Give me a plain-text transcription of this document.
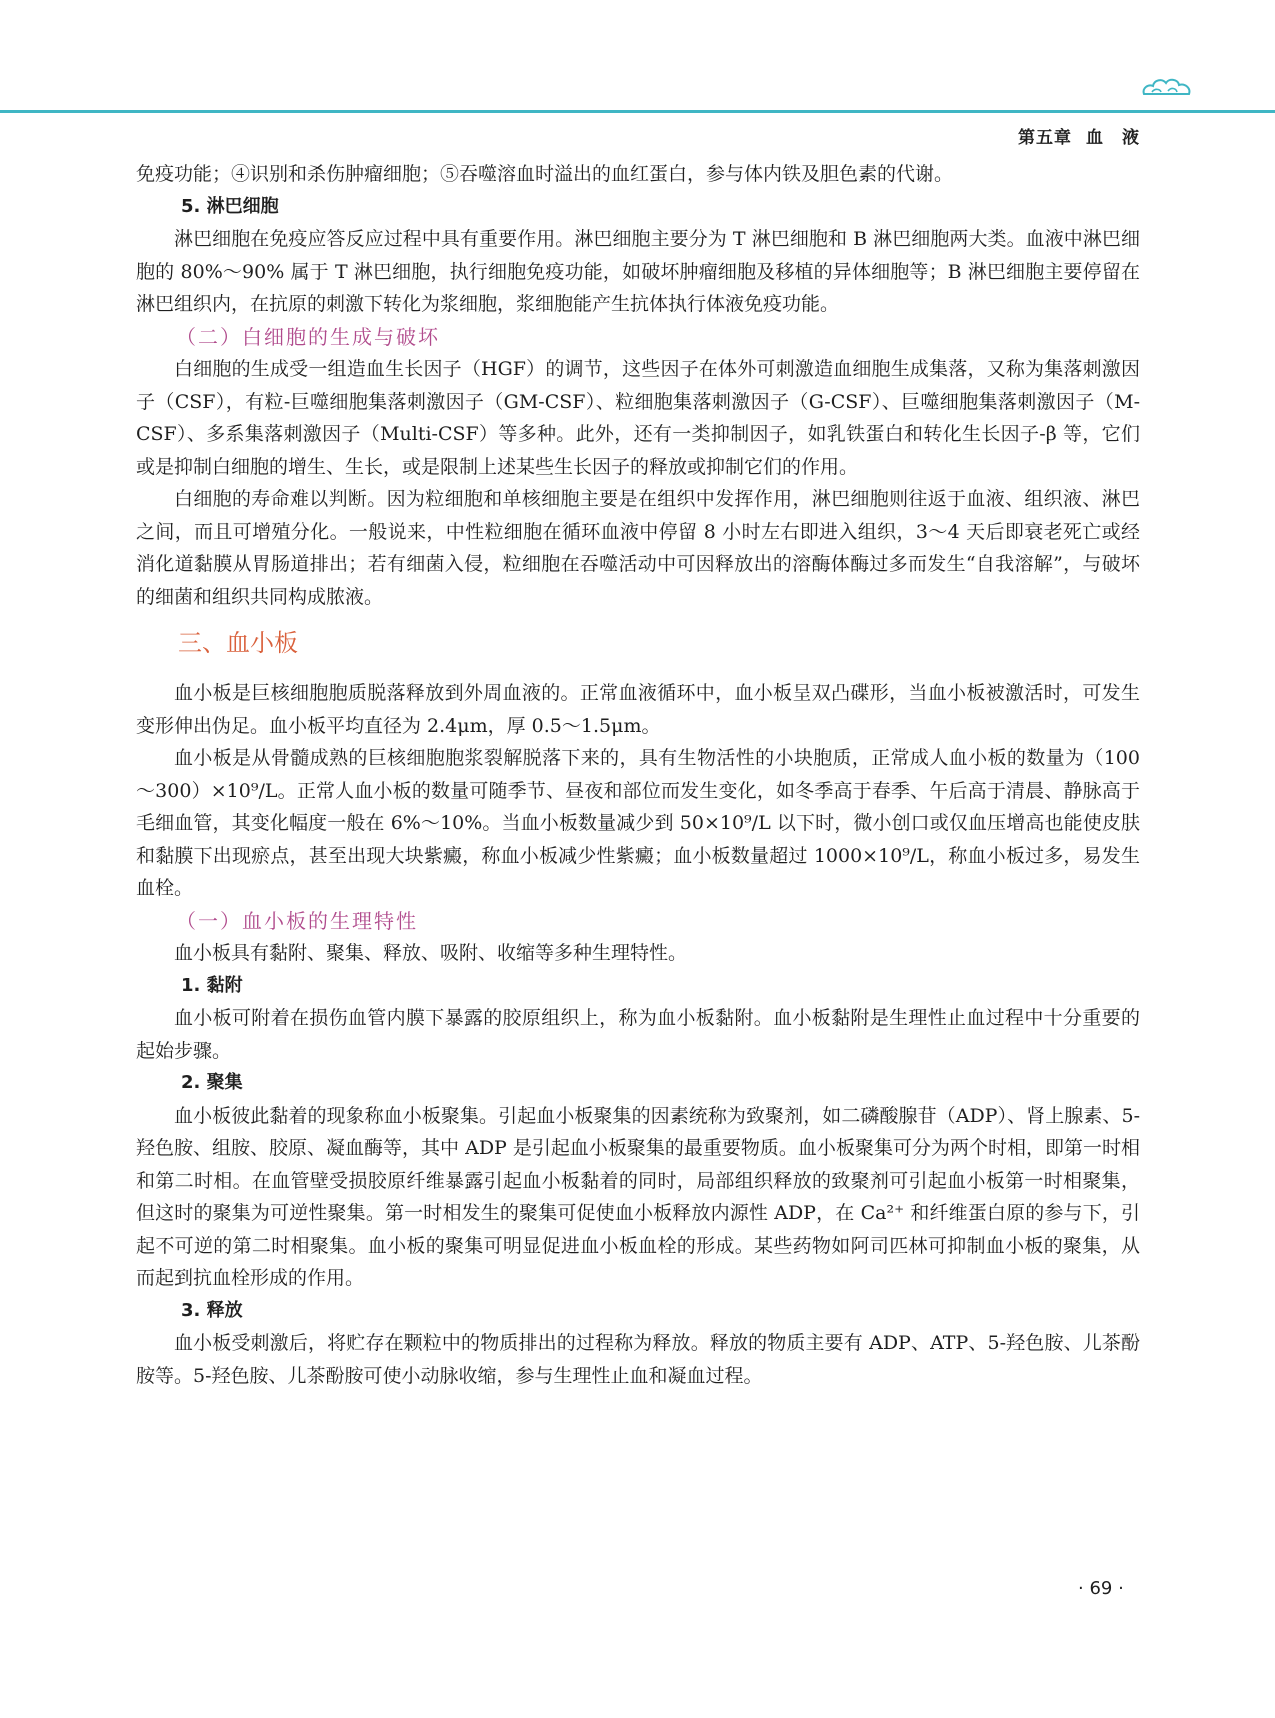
第五章 血　液

免疫功能；④识别和杀伤肿瘤细胞；⑤吞噬溶血时溢出的血红蛋白，参与体内铁及胆色素的代谢。

5. 淋巴细胞

淋巴细胞在免疫应答反应过程中具有重要作用。淋巴细胞主要分为 T 淋巴细胞和 B 淋巴细胞两大类。血液中淋巴细胞的 80%～90% 属于 T 淋巴细胞，执行细胞免疫功能，如破坏肿瘤细胞及移植的异体细胞等；B 淋巴细胞主要停留在淋巴组织内，在抗原的刺激下转化为浆细胞，浆细胞能产生抗体执行体液免疫功能。

（二）白细胞的生成与破坏

白细胞的生成受一组造血生长因子（HGF）的调节，这些因子在体外可刺激造血细胞生成集落，又称为集落刺激因子（CSF），有粒-巨噬细胞集落刺激因子（GM-CSF）、粒细胞集落刺激因子（G-CSF）、巨噬细胞集落刺激因子（M-CSF）、多系集落刺激因子（Multi-CSF）等多种。此外，还有一类抑制因子，如乳铁蛋白和转化生长因子-β 等，它们或是抑制白细胞的增生、生长，或是限制上述某些生长因子的释放或抑制它们的作用。

白细胞的寿命难以判断。因为粒细胞和单核细胞主要是在组织中发挥作用，淋巴细胞则往返于血液、组织液、淋巴之间，而且可增殖分化。一般说来，中性粒细胞在循环血液中停留 8 小时左右即进入组织，3～4 天后即衰老死亡或经消化道黏膜从胃肠道排出；若有细菌入侵，粒细胞在吞噬活动中可因释放出的溶酶体酶过多而发生“自我溶解”，与破坏的细菌和组织共同构成脓液。

三、血小板

血小板是巨核细胞胞质脱落释放到外周血液的。正常血液循环中，血小板呈双凸碟形，当血小板被激活时，可发生变形伸出伪足。血小板平均直径为 2.4μm，厚 0.5～1.5μm。

血小板是从骨髓成熟的巨核细胞胞浆裂解脱落下来的，具有生物活性的小块胞质，正常成人血小板的数量为（100～300）×10⁹/L。正常人血小板的数量可随季节、昼夜和部位而发生变化，如冬季高于春季、午后高于清晨、静脉高于毛细血管，其变化幅度一般在 6%～10%。当血小板数量减少到 50×10⁹/L 以下时，微小创口或仅血压增高也能使皮肤和黏膜下出现瘀点，甚至出现大块紫癜，称血小板减少性紫癜；血小板数量超过 1000×10⁹/L，称血小板过多，易发生血栓。

（一）血小板的生理特性

血小板具有黏附、聚集、释放、吸附、收缩等多种生理特性。

1. 黏附

血小板可附着在损伤血管内膜下暴露的胶原组织上，称为血小板黏附。血小板黏附是生理性止血过程中十分重要的起始步骤。

2. 聚集

血小板彼此黏着的现象称血小板聚集。引起血小板聚集的因素统称为致聚剂，如二磷酸腺苷（ADP）、肾上腺素、5-羟色胺、组胺、胶原、凝血酶等，其中 ADP 是引起血小板聚集的最重要物质。血小板聚集可分为两个时相，即第一时相和第二时相。在血管壁受损胶原纤维暴露引起血小板黏着的同时，局部组织释放的致聚剂可引起血小板第一时相聚集，但这时的聚集为可逆性聚集。第一时相发生的聚集可促使血小板释放内源性 ADP，在 Ca²⁺ 和纤维蛋白原的参与下，引起不可逆的第二时相聚集。血小板的聚集可明显促进血小板血栓的形成。某些药物如阿司匹林可抑制血小板的聚集，从而起到抗血栓形成的作用。

3. 释放

血小板受刺激后，将贮存在颗粒中的物质排出的过程称为释放。释放的物质主要有 ADP、ATP、5-羟色胺、儿茶酚胺等。5-羟色胺、儿茶酚胺可使小动脉收缩，参与生理性止血和凝血过程。

· 69 ·
